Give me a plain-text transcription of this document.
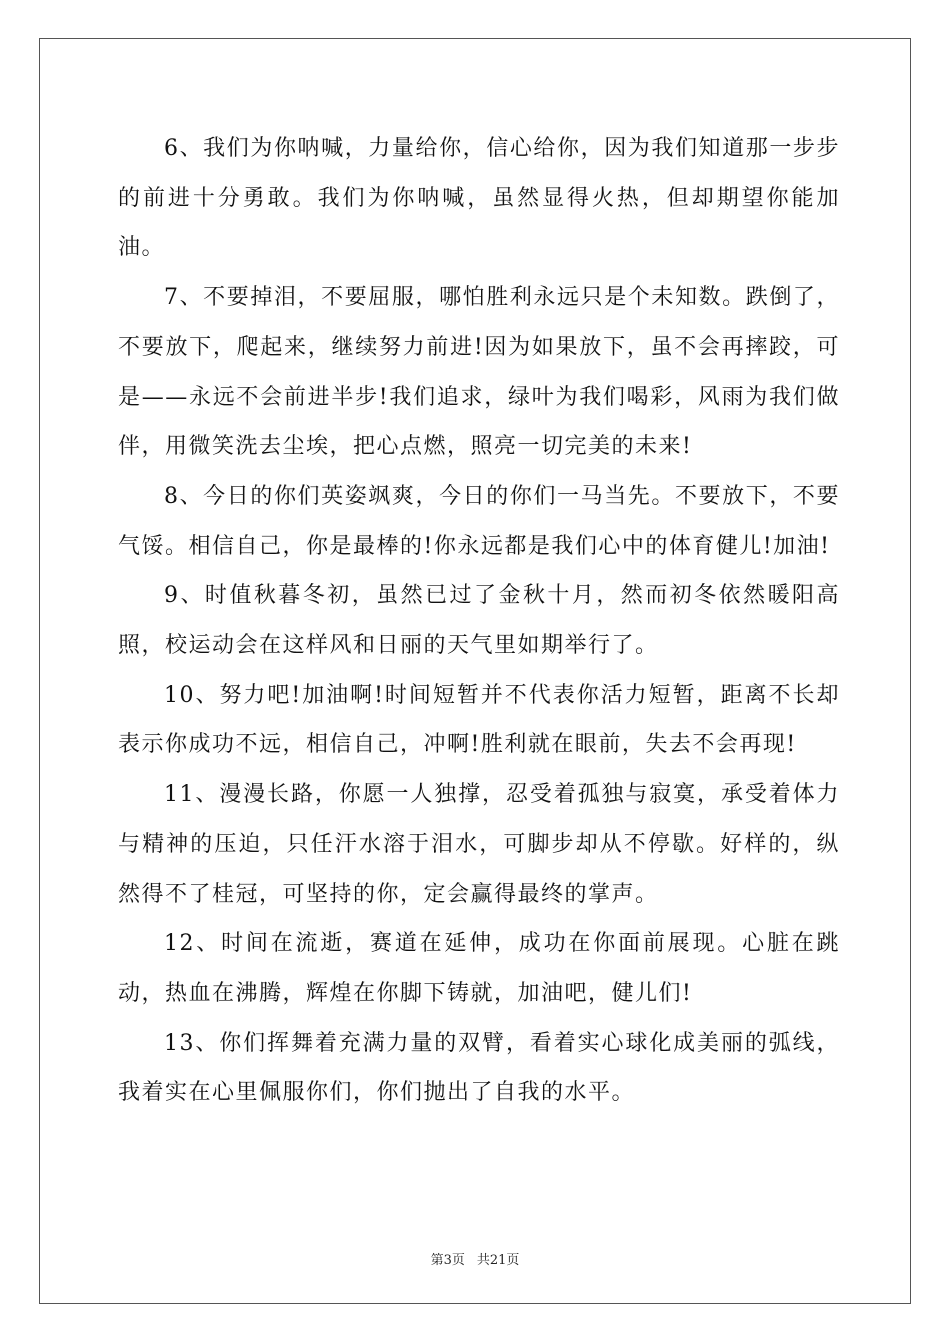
6、我们为你呐喊，力量给你，信心给你，因为我们知道那一步步的前进十分勇敢。我们为你呐喊，虽然显得火热，但却期望你能加油。

7、不要掉泪，不要屈服，哪怕胜利永远只是个未知数。跌倒了，不要放下，爬起来，继续努力前进!因为如果放下，虽不会再摔跤，可是——永远不会前进半步!我们追求，绿叶为我们喝彩，风雨为我们做伴，用微笑洗去尘埃，把心点燃，照亮一切完美的未来!

8、今日的你们英姿飒爽，今日的你们一马当先。不要放下，不要气馁。相信自己，你是最棒的!你永远都是我们心中的体育健儿!加油!

9、时值秋暮冬初，虽然已过了金秋十月，然而初冬依然暖阳高照，校运动会在这样风和日丽的天气里如期举行了。

10、努力吧!加油啊!时间短暂并不代表你活力短暂，距离不长却表示你成功不远，相信自己，冲啊!胜利就在眼前，失去不会再现!

11、漫漫长路，你愿一人独撑，忍受着孤独与寂寞，承受着体力与精神的压迫，只任汗水溶于泪水，可脚步却从不停歇。好样的，纵然得不了桂冠，可坚持的你，定会赢得最终的掌声。

12、时间在流逝，赛道在延伸，成功在你面前展现。心脏在跳动，热血在沸腾，辉煌在你脚下铸就，加油吧，健儿们!

13、你们挥舞着充满力量的双臂，看着实心球化成美丽的弧线，我着实在心里佩服你们，你们抛出了自我的水平。

第3页 共21页
